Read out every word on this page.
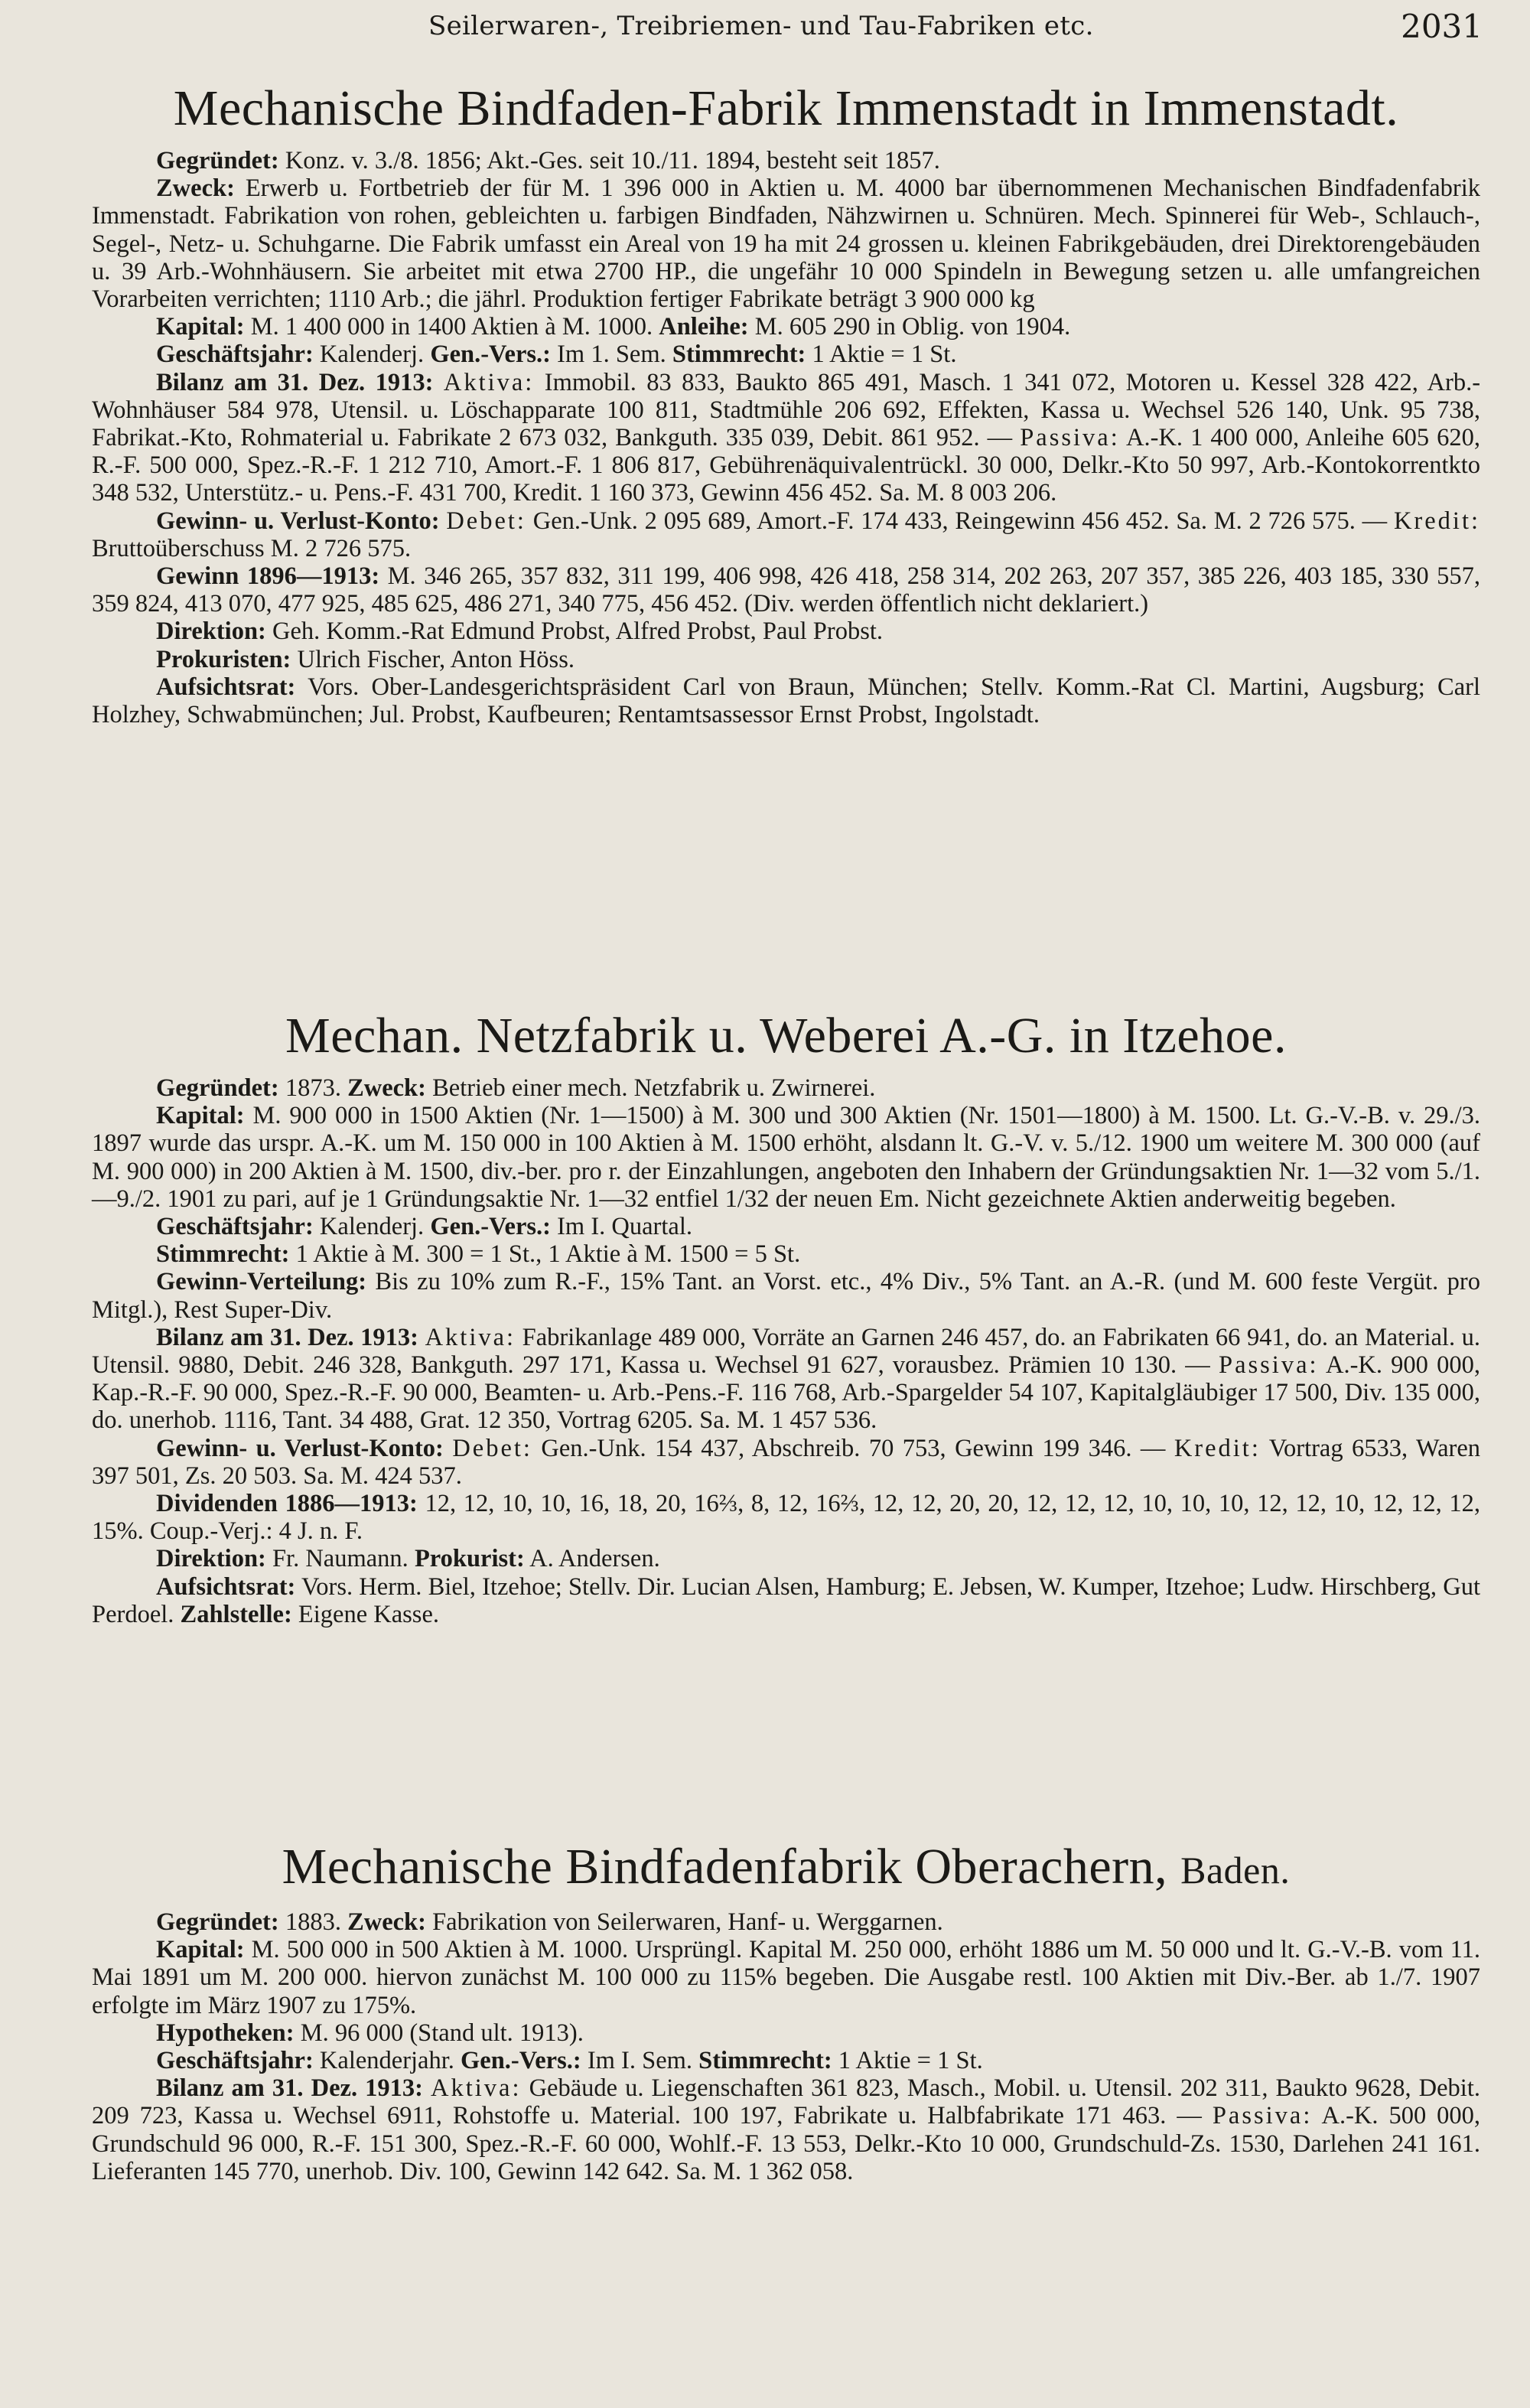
Seilerwaren-, Treibriemen- und Tau-Fabriken etc.	2031
Mechanische Bindfaden-Fabrik Immenstadt in Immenstadt.

Gegründet: Konz. v. 3./8. 1856; Akt.-Ges. seit 10./11. 1894, besteht seit 1857.

Zweck: Erwerb u. Fortbetrieb der für M. 1 396 000 in Aktien u. M. 4000 bar übernommenen Mechanischen Bindfadenfabrik Immenstadt. Fabrikation von rohen, gebleichten u. farbigen Bindfaden, Nähzwirnen u. Schnüren. Mech. Spinnerei für Web-, Schlauch-, Segel-, Netz- u. Schuhgarne. Die Fabrik umfasst ein Areal von 19 ha mit 24 grossen u. kleinen Fabrikgebäuden, drei Direktorengebäuden u. 39 Arb.-Wohnhäusern. Sie arbeitet mit etwa 2700 HP., die ungefähr 10 000 Spindeln in Bewegung setzen u. alle umfangreichen Vorarbeiten verrichten; 1110 Arb.; die jährl. Produktion fertiger Fabrikate beträgt 3 900 000 kg

Kapital: M. 1 400 000 in 1400 Aktien à M. 1000. Anleihe: M. 605 290 in Oblig. von 1904.

Geschäftsjahr: Kalenderj. Gen.-Vers.: Im 1. Sem. Stimmrecht: 1 Aktie = 1 St.

Bilanz am 31. Dez. 1913: Aktiva: Immobil. 83 833, Baukto 865 491, Masch. 1 341 072, Motoren u. Kessel 328 422, Arb.-Wohnhäuser 584 978, Utensil. u. Löschapparate 100 811, Stadtmühle 206 692, Effekten, Kassa u. Wechsel 526 140, Unk. 95 738, Fabrikat.-Kto, Rohmaterial u. Fabrikate 2 673 032, Bankguth. 335 039, Debit. 861 952. — Passiva: A.-K. 1 400 000, Anleihe 605 620, R.-F. 500 000, Spez.-R.-F. 1 212 710, Amort.-F. 1 806 817, Gebührenäquivalentrückl. 30 000, Delkr.-Kto 50 997, Arb.-Kontokorrentkto 348 532, Unterstütz.- u. Pens.-F. 431 700, Kredit. 1 160 373, Gewinn 456 452. Sa. M. 8 003 206.

Gewinn- u. Verlust-Konto: Debet: Gen.-Unk. 2 095 689, Amort.-F. 174 433, Reingewinn 456 452. Sa. M. 2 726 575. — Kredit: Bruttoüberschuss M. 2 726 575.

Gewinn 1896—1913: M. 346 265, 357 832, 311 199, 406 998, 426 418, 258 314, 202 263, 207 357, 385 226, 403 185, 330 557, 359 824, 413 070, 477 925, 485 625, 486 271, 340 775, 456 452. (Div. werden öffentlich nicht deklariert.)

Direktion: Geh. Komm.-Rat Edmund Probst, Alfred Probst, Paul Probst.

Prokuristen: Ulrich Fischer, Anton Höss.

Aufsichtsrat: Vors. Ober-Landesgerichtspräsident Carl von Braun, München; Stellv. Komm.-Rat Cl. Martini, Augsburg; Carl Holzhey, Schwabmünchen; Jul. Probst, Kaufbeuren; Rentamtsassessor Ernst Probst, Ingolstadt.

Mechan. Netzfabrik u. Weberei A.-G. in Itzehoe.

Gegründet: 1873. Zweck: Betrieb einer mech. Netzfabrik u. Zwirnerei.

Kapital: M. 900 000 in 1500 Aktien (Nr. 1—1500) à M. 300 und 300 Aktien (Nr. 1501—1800) à M. 1500. Lt. G.-V.-B. v. 29./3. 1897 wurde das urspr. A.-K. um M. 150 000 in 100 Aktien à M. 1500 erhöht, alsdann lt. G.-V. v. 5./12. 1900 um weitere M. 300 000 (auf M. 900 000) in 200 Aktien à M. 1500, div.-ber. pro r. der Einzahlungen, angeboten den Inhabern der Gründungsaktien Nr. 1—32 vom 5./1.—9./2. 1901 zu pari, auf je 1 Gründungsaktie Nr. 1—32 entfiel 1/32 der neuen Em. Nicht gezeichnete Aktien anderweitig begeben.

Geschäftsjahr: Kalenderj. Gen.-Vers.: Im I. Quartal.

Stimmrecht: 1 Aktie à M. 300 = 1 St., 1 Aktie à M. 1500 = 5 St.

Gewinn-Verteilung: Bis zu 10% zum R.-F., 15% Tant. an Vorst. etc., 4% Div., 5% Tant. an A.-R. (und M. 600 feste Vergüt. pro Mitgl.), Rest Super-Div.

Bilanz am 31. Dez. 1913: Aktiva: Fabrikanlage 489 000, Vorräte an Garnen 246 457, do. an Fabrikaten 66 941, do. an Material. u. Utensil. 9880, Debit. 246 328, Bankguth. 297 171, Kassa u. Wechsel 91 627, vorausbez. Prämien 10 130. — Passiva: A.-K. 900 000, Kap.-R.-F. 90 000, Spez.-R.-F. 90 000, Beamten- u. Arb.-Pens.-F. 116 768, Arb.-Spargelder 54 107, Kapitalgläubiger 17 500, Div. 135 000, do. unerhob. 1116, Tant. 34 488, Grat. 12 350, Vortrag 6205. Sa. M. 1 457 536.

Gewinn- u. Verlust-Konto: Debet: Gen.-Unk. 154 437, Abschreib. 70 753, Gewinn 199 346. — Kredit: Vortrag 6533, Waren 397 501, Zs. 20 503. Sa. M. 424 537.

Dividenden 1886—1913: 12, 12, 10, 10, 16, 18, 20, 16⅔, 8, 12, 16⅔, 12, 12, 20, 20, 12, 12, 12, 10, 10, 10, 12, 12, 10, 12, 12, 12, 15%. Coup.-Verj.: 4 J. n. F.

Direktion: Fr. Naumann. Prokurist: A. Andersen.

Aufsichtsrat: Vors. Herm. Biel, Itzehoe; Stellv. Dir. Lucian Alsen, Hamburg; E. Jebsen, W. Kumper, Itzehoe; Ludw. Hirschberg, Gut Perdoel. Zahlstelle: Eigene Kasse.

Mechanische Bindfadenfabrik Oberachern, Baden.

Gegründet: 1883. Zweck: Fabrikation von Seilerwaren, Hanf- u. Werggarnen.

Kapital: M. 500 000 in 500 Aktien à M. 1000. Ursprüngl. Kapital M. 250 000, erhöht 1886 um M. 50 000 und lt. G.-V.-B. vom 11. Mai 1891 um M. 200 000. hiervon zunächst M. 100 000 zu 115% begeben. Die Ausgabe restl. 100 Aktien mit Div.-Ber. ab 1./7. 1907 erfolgte im März 1907 zu 175%.

Hypotheken: M. 96 000 (Stand ult. 1913).

Geschäftsjahr: Kalenderjahr. Gen.-Vers.: Im I. Sem. Stimmrecht: 1 Aktie = 1 St.

Bilanz am 31. Dez. 1913: Aktiva: Gebäude u. Liegenschaften 361 823, Masch., Mobil. u. Utensil. 202 311, Baukto 9628, Debit. 209 723, Kassa u. Wechsel 6911, Rohstoffe u. Material. 100 197, Fabrikate u. Halbfabrikate 171 463. — Passiva: A.-K. 500 000, Grundschuld 96 000, R.-F. 151 300, Spez.-R.-F. 60 000, Wohlf.-F. 13 553, Delkr.-Kto 10 000, Grundschuld-Zs. 1530, Darlehen 241 161. Lieferanten 145 770, unerhob. Div. 100, Gewinn 142 642. Sa. M. 1 362 058.
